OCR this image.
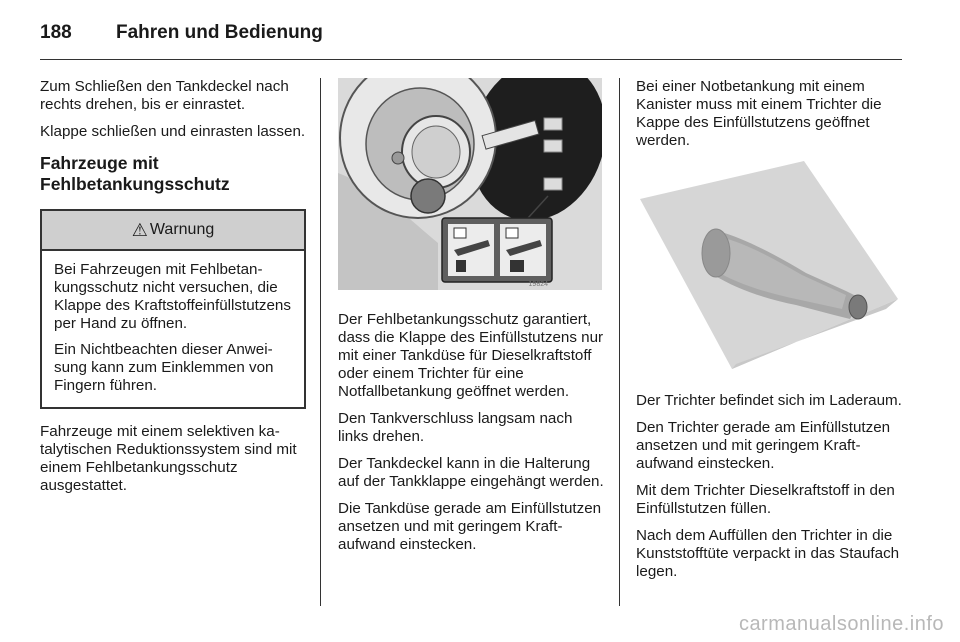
188 Fahren und Bedienung

Zum Schließen den Tankdeckel nach rechts drehen, bis er einrastet.

Klappe schließen und einrasten lassen.

Fahrzeuge mit Fehlbetankungsschutz
⚠ Warnung

Bei Fahrzeugen mit Fehlbetankungsschutz nicht versuchen, die Klappe des Kraftstoffeinfüllstutzens per Hand zu öffnen.

Ein Nichtbeachten dieser Anweisung kann zum Einklemmen von Fingern führen.

Fahrzeuge mit einem selektiven katalytischen Reduktionssystem sind mit einem Fehlbetankungsschutz ausgestattet.

19824

Der Fehlbetankungsschutz garantiert, dass die Klappe des Einfüllstutzens nur mit einer Tankdüse für Dieselkraftstoff oder einem Trichter für eine Notfallbetankung geöffnet werden.

Den Tankverschluss langsam nach links drehen.

Der Tankdeckel kann in die Halterung auf der Tankklappe eingehängt werden.

Die Tankdüse gerade am Einfüllstutzen ansetzen und mit geringem Kraftaufwand einstecken.

Bei einer Notbetankung mit einem Kanister muss mit einem Trichter die Kappe des Einfüllstutzens geöffnet werden.

Der Trichter befindet sich im Laderaum.

Den Trichter gerade am Einfüllstutzen ansetzen und mit geringem Kraftaufwand einstecken.

Mit dem Trichter Dieselkraftstoff in den Einfüllstutzen füllen.

Nach dem Auffüllen den Trichter in die Kunststofftüte verpackt in das Staufach legen.

carmanualsonline.info
